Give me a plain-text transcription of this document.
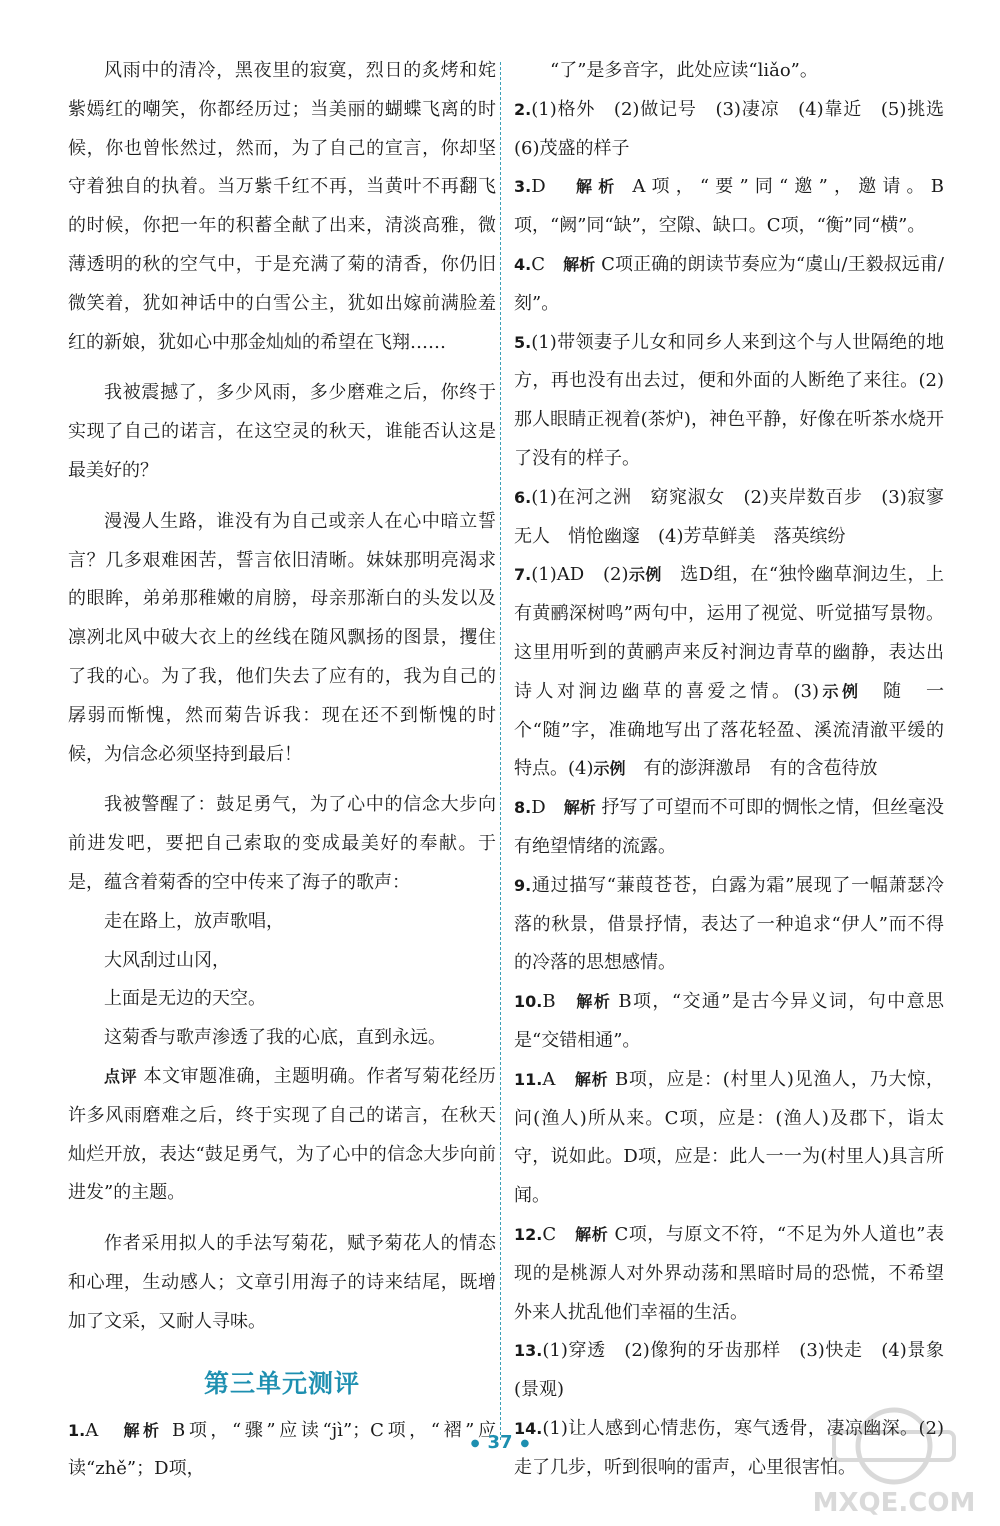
风雨中的清冷，黑夜里的寂寞，烈日的炙烤和姹紫嫣红的嘲笑，你都经历过；当美丽的蝴蝶飞离的时候，你也曾怅然过，然而，为了自己的宣言，你却坚守着独自的执着。当万紫千红不再，当黄叶不再翻飞的时候，你把一年的积蓄全献了出来，清淡高雅，微薄透明的秋的空气中，于是充满了菊的清香，你仍旧微笑着，犹如神话中的白雪公主，犹如出嫁前满脸羞红的新娘，犹如心中那金灿灿的希望在飞翔……

我被震撼了，多少风雨，多少磨难之后，你终于实现了自己的诺言，在这空灵的秋天，谁能否认这是最美好的？

漫漫人生路，谁没有为自己或亲人在心中暗立誓言？几多艰难困苦，誓言依旧清晰。妹妹那明亮渴求的眼眸，弟弟那稚嫩的肩膀，母亲那渐白的头发以及凛冽北风中破大衣上的丝线在随风飘扬的图景，攫住了我的心。为了我，他们失去了应有的，我为自己的孱弱而惭愧，然而菊告诉我：现在还不到惭愧的时候，为信念必须坚持到最后！

我被警醒了：鼓足勇气，为了心中的信念大步向前进发吧，要把自己索取的变成最美好的奉献。于是，蕴含着菊香的空中传来了海子的歌声：

走在路上，放声歌唱，

大风刮过山冈，

上面是无边的天空。

这菊香与歌声渗透了我的心底，直到永远。

点评 本文审题准确，主题明确。作者写菊花经历许多风雨磨难之后，终于实现了自己的诺言，在秋天灿烂开放，表达“鼓足勇气，为了心中的信念大步向前进发”的主题。

作者采用拟人的手法写菊花，赋予菊花人的情态和心理，生动感人；文章引用海子的诗来结尾，既增加了文采，又耐人寻味。

第三单元测评

1.A　 解析 B项，“骤”应读“jì”；C项，“褶”应读“zhě”；D项，

“了”是多音字，此处应读“liǎo”。

2.(1)格外　(2)做记号　(3)凄凉　(4)靠近　(5)挑选　(6)茂盛的样子

3.D　 解析 A项，“要”同“邀”，邀请。B项，“阙”同“缺”，空隙、缺口。C项，“衡”同“横”。

4.C　 解析 C项正确的朗读节奏应为“虞山/王毅叔远甫/刻”。

5.(1)带领妻子儿女和同乡人来到这个与人世隔绝的地方，再也没有出去过，便和外面的人断绝了来往。(2)那人眼睛正视着(茶炉)，神色平静，好像在听茶水烧开了没有的样子。

6.(1)在河之洲　窈窕淑女　(2)夹岸数百步　(3)寂寥无人　悄怆幽邃　(4)芳草鲜美　落英缤纷

7.(1)AD　(2)示例　 选D组，在“独怜幽草涧边生，上有黄鹂深树鸣”两句中，运用了视觉、听觉描写景物。这里用听到的黄鹂声来反衬涧边青草的幽静，表达出诗人对涧边幽草的喜爱之情。(3)示例　 随　一个“随”字，准确地写出了落花轻盈、溪流清澈平缓的特点。(4)示例　 有的澎湃激昂　有的含苞待放

8.D　 解析 抒写了可望而不可即的惆怅之情，但丝毫没有绝望情绪的流露。

9.通过描写“蒹葭苍苍，白露为霜”展现了一幅萧瑟冷落的秋景，借景抒情，表达了一种追求“伊人”而不得的冷落的思想感情。

10.B　 解析 B项，“交通”是古今异义词，句中意思是“交错相通”。

11.A　 解析 B项，应是：(村里人)见渔人，乃大惊，问(渔人)所从来。C项，应是：(渔人)及郡下，诣太守，说如此。D项，应是：此人一一为(村里人)具言所闻。

12.C　 解析 C项，与原文不符，“不足为外人道也”表现的是桃源人对外界动荡和黑暗时局的恐慌，不希望外来人扰乱他们幸福的生活。

13.(1)穿透　(2)像狗的牙齿那样　(3)快走　(4)景象(景观)

14.(1)让人感到心情悲伤，寒气透骨，凄凉幽深。(2)走了几步，听到很响的雷声，心里很害怕。

● 37 ●
MXQE.COM
